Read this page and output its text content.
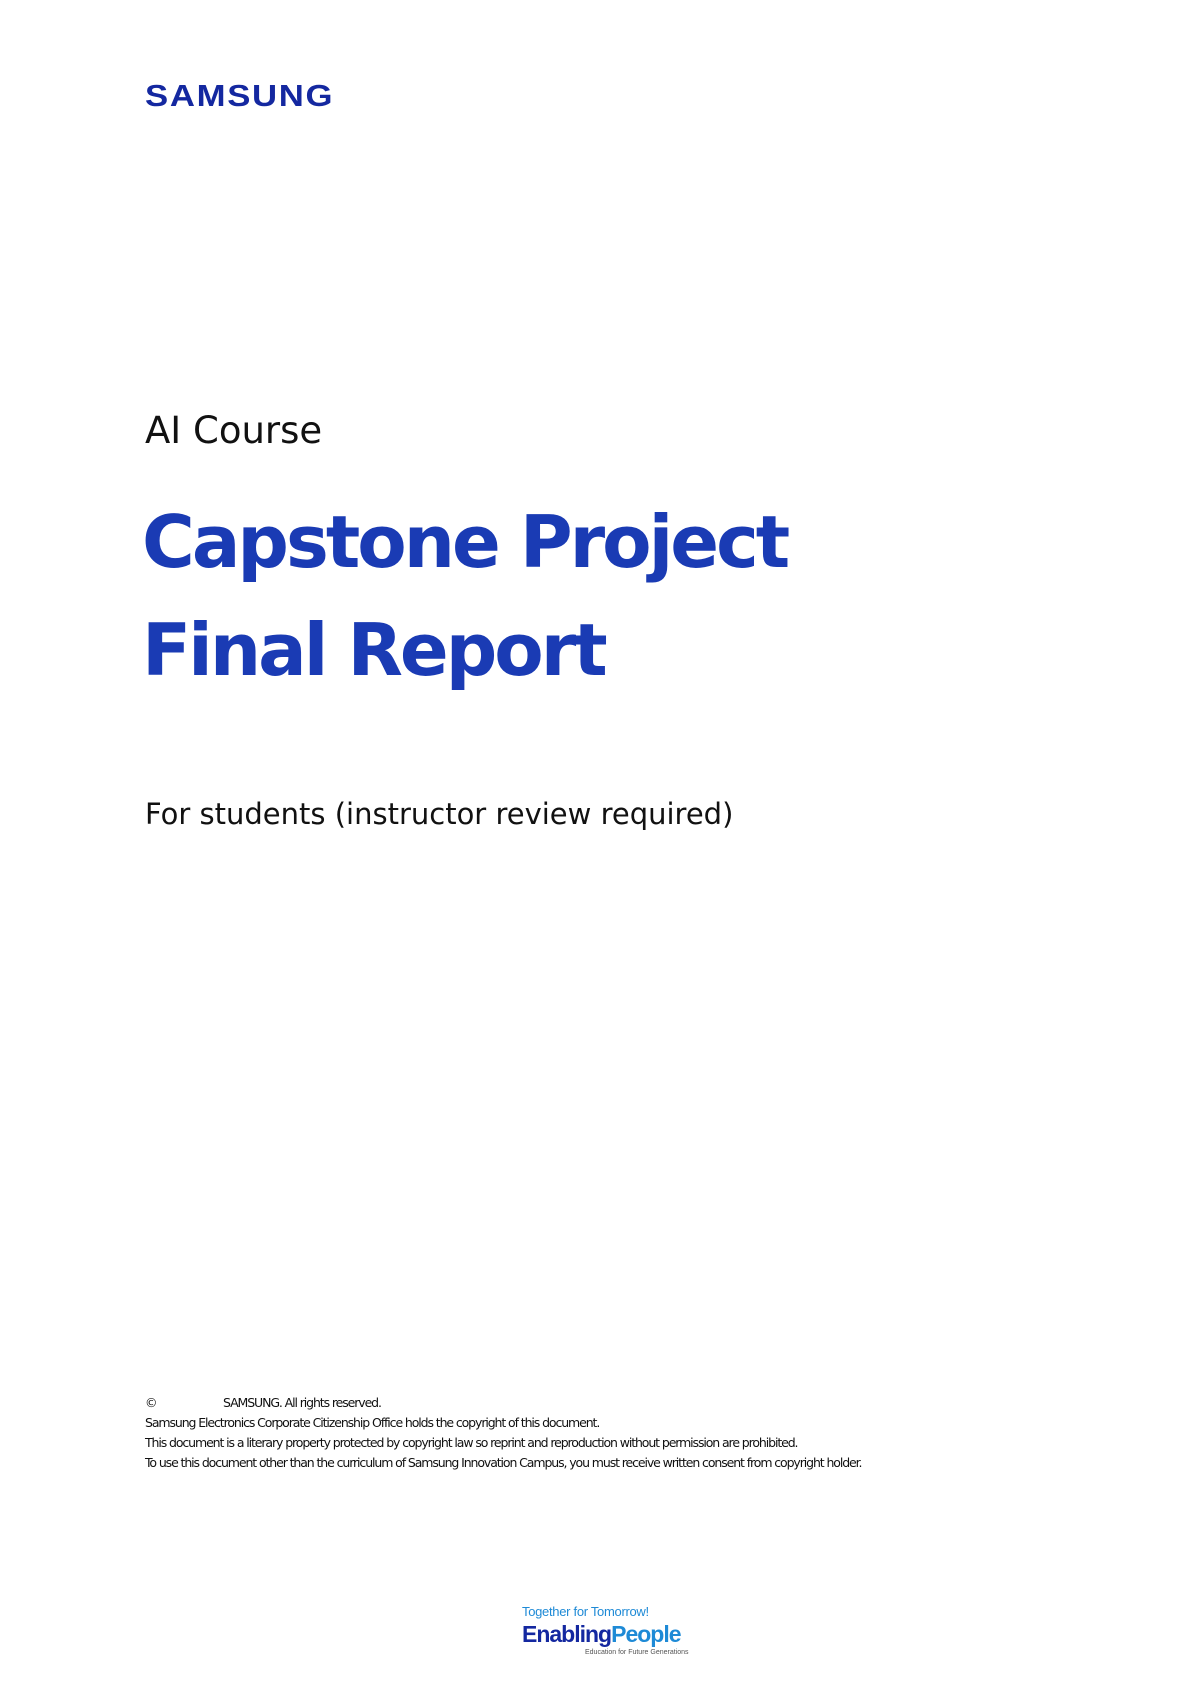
SAMSUNG
AI Course
Capstone Project
Final Report
For students (instructor review required)
©	SAMSUNG. All rights reserved.
Samsung Electronics Corporate Citizenship Office holds the copyright of this document.
This document is a literary property protected by copyright law so reprint and reproduction without permission are prohibited.
To use this document other than the curriculum of Samsung Innovation Campus, you must receive written consent from copyright holder.
Together for Tomorrow!
EnablingPeople
Education for Future Generations
